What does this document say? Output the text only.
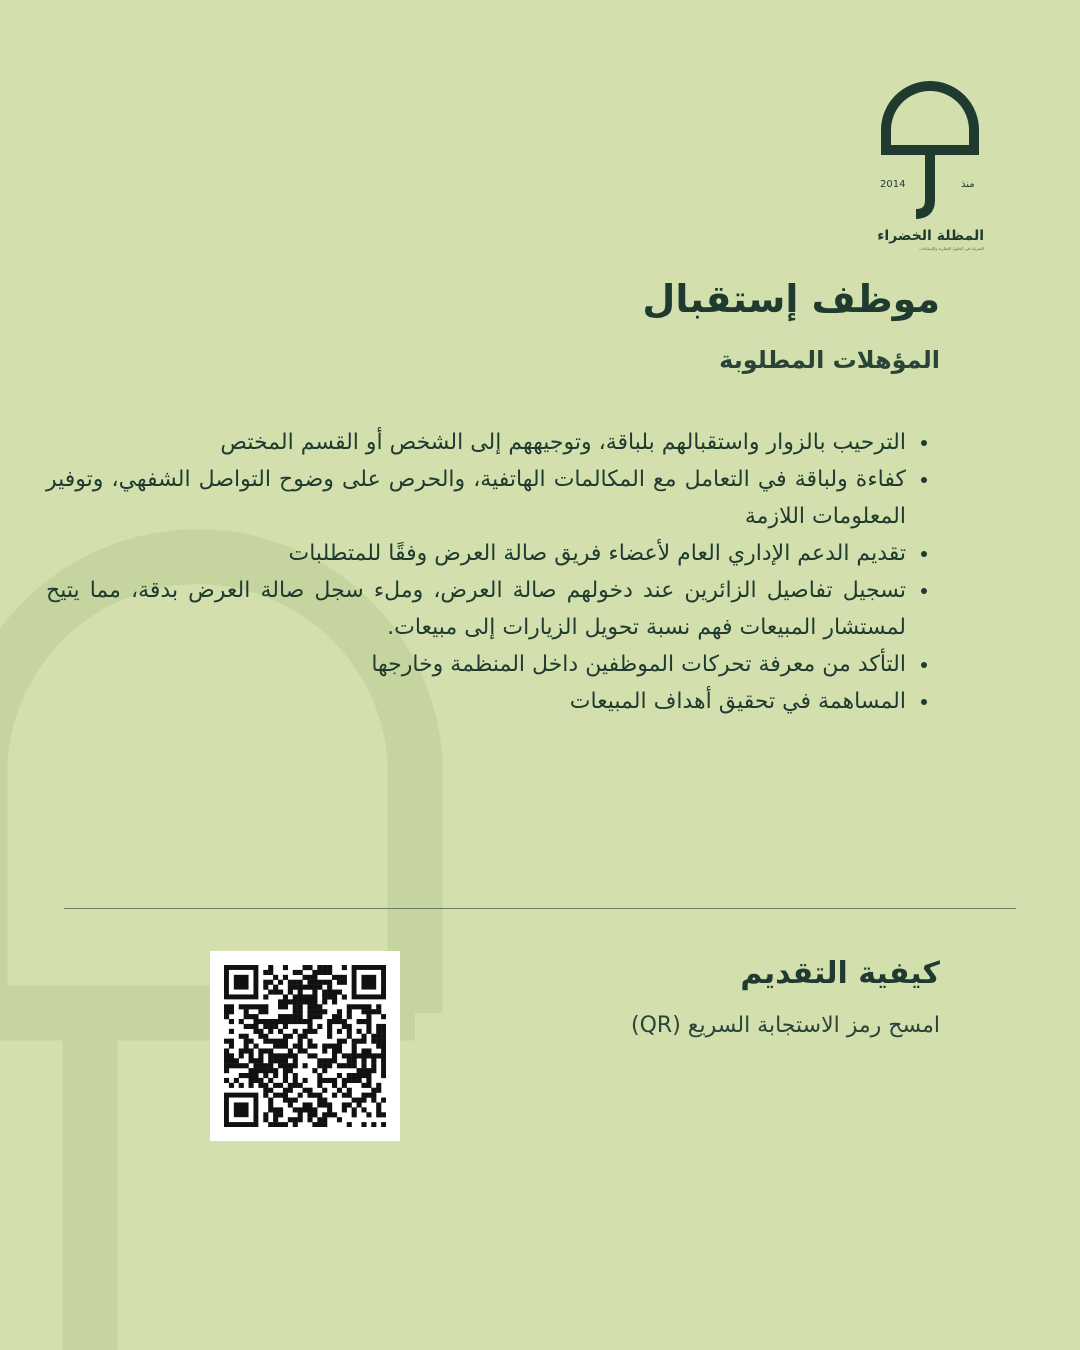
2014	منذ
المظلة الخضراء
الشريك في الحلول العقارية والإنشاءات
موظف إستقبال
المؤهلات المطلوبة
• الترحيب بالزوار واستقبالهم بلباقة، وتوجيههم إلى الشخص أو القسم المختص
• كفاءة ولباقة في التعامل مع المكالمات الهاتفية، والحرص على وضوح التواصل الشفهي، وتوفير المعلومات اللازمة
• تقديم الدعم الإداري العام لأعضاء فريق صالة العرض وفقًا للمتطلبات
• تسجيل تفاصيل الزائرين عند دخولهم صالة العرض، وملء سجل صالة العرض بدقة، مما يتيح لمستشار المبيعات فهم نسبة تحويل الزيارات إلى مبيعات.
• التأكد من معرفة تحركات الموظفين داخل المنظمة وخارجها
• المساهمة في تحقيق أهداف المبيعات
كيفية التقديم

امسح رمز الاستجابة السريع (QR)
